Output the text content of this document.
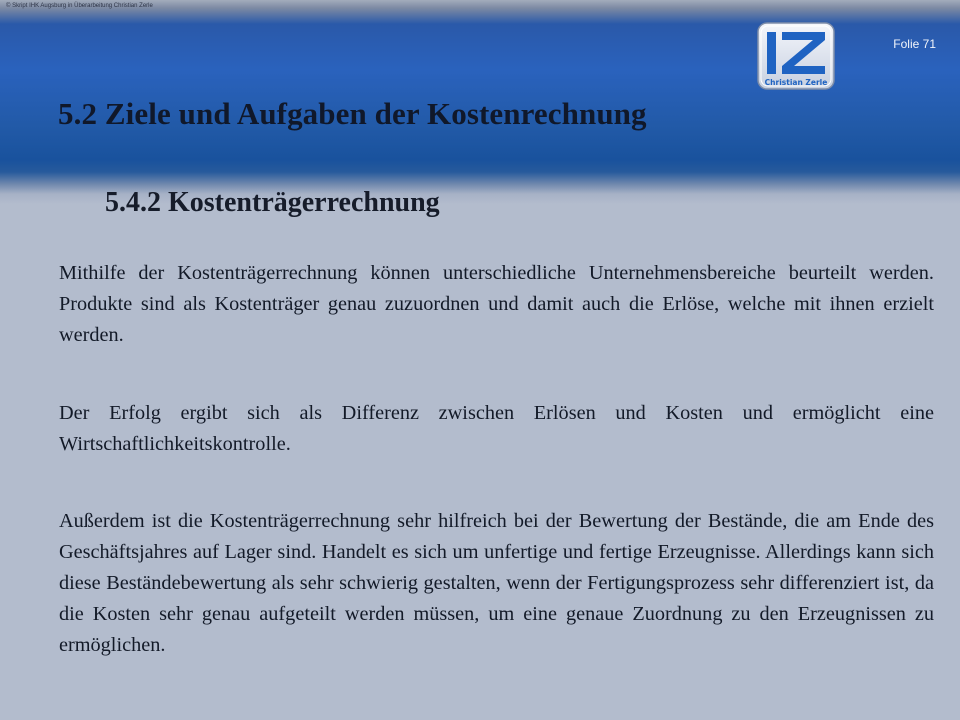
© Skript IHK Augsburg in Überarbeitung Christian Zerle
Folie 71
Christian Zerle
5.2 Ziele und Aufgaben der Kostenrechnung
5.4.2 Kostenträgerrechnung

Mithilfe der Kostenträgerrechnung können unterschiedliche Unternehmensbereiche beurteilt werden. Produkte sind als Kostenträger genau zuzuordnen und damit auch die Erlöse, welche mit ihnen erzielt werden.

Der Erfolg ergibt sich als Differenz zwischen Erlösen und Kosten und ermöglicht eine Wirtschaftlichkeitskontrolle.

Außerdem ist die Kostenträgerrechnung sehr hilfreich bei der Bewertung der Bestände, die am Ende des Geschäftsjahres auf Lager sind. Handelt es sich um unfertige und fertige Erzeugnisse. Allerdings kann sich diese Beständebewertung als sehr schwierig gestalten, wenn der Fertigungsprozess sehr differenziert ist, da die Kosten sehr genau aufgeteilt werden müssen, um eine genaue Zuordnung zu den Erzeugnissen zu ermöglichen.
